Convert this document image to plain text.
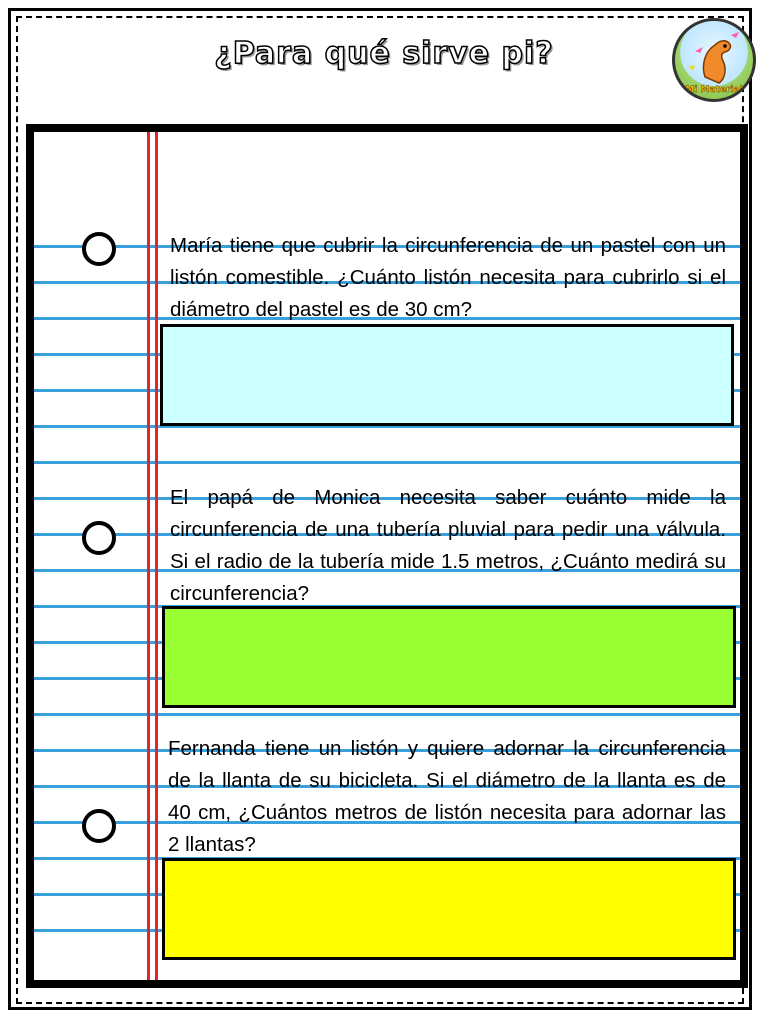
¿Para qué sirve pi?
Mi Material
María tiene que cubrir la circunferencia de un pastel con un listón comestible. ¿Cuánto listón necesita para cubrirlo si el diámetro del pastel es de 30 cm?
El papá de Monica necesita saber cuánto mide la circunferencia de una tubería pluvial para pedir una válvula. Si el radio de la tubería mide 1.5 metros, ¿Cuánto medirá su circunferencia?
Fernanda tiene un listón y quiere adornar la circunferencia de la llanta de su bicicleta. Si el diámetro de la llanta es de 40 cm, ¿Cuántos metros de listón necesita para adornar las 2 llantas?
